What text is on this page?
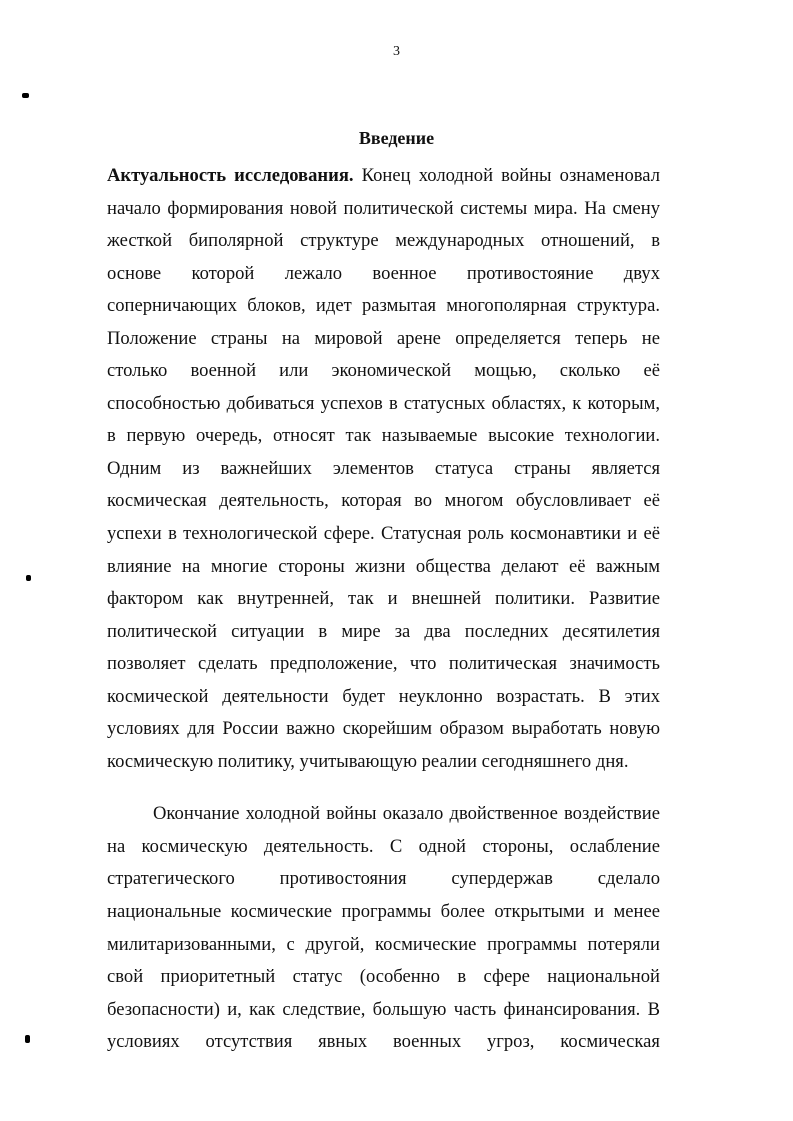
3
Введение
Актуальность исследования. Конец холодной войны ознаменовал
начало формирования новой политической системы мира. На смену
жесткой биполярной структуре международных отношений, в
основе которой лежало военное противостояние двух
соперничающих блоков, идет размытая многополярная структура.
Положение страны на мировой арене определяется теперь не
столько военной или экономической мощью, сколько её
способностью добиваться успехов в статусных областях, к которым,
в первую очередь, относят так называемые высокие технологии.
Одним из важнейших элементов статуса страны является
космическая деятельность, которая во многом обусловливает её
успехи в технологической сфере. Статусная роль космонавтики и её
влияние на многие стороны жизни общества делают её важным
фактором как внутренней, так и внешней политики. Развитие
политической ситуации в мире за два последних десятилетия
позволяет сделать предположение, что политическая значимость
космической деятельности будет неуклонно возрастать. В этих
условиях для России важно скорейшим образом выработать новую
космическую политику, учитывающую реалии сегодняшнего дня.
Окончание холодной войны оказало двойственное воздействие
на космическую деятельность. С одной стороны, ослабление
стратегического противостояния супердержав сделало
национальные космические программы более открытыми и менее
милитаризованными, с другой, космические программы потеряли
свой приоритетный статус (особенно в сфере национальной
безопасности) и, как следствие, большую часть финансирования. В
условиях отсутствия явных военных угроз, космическая
